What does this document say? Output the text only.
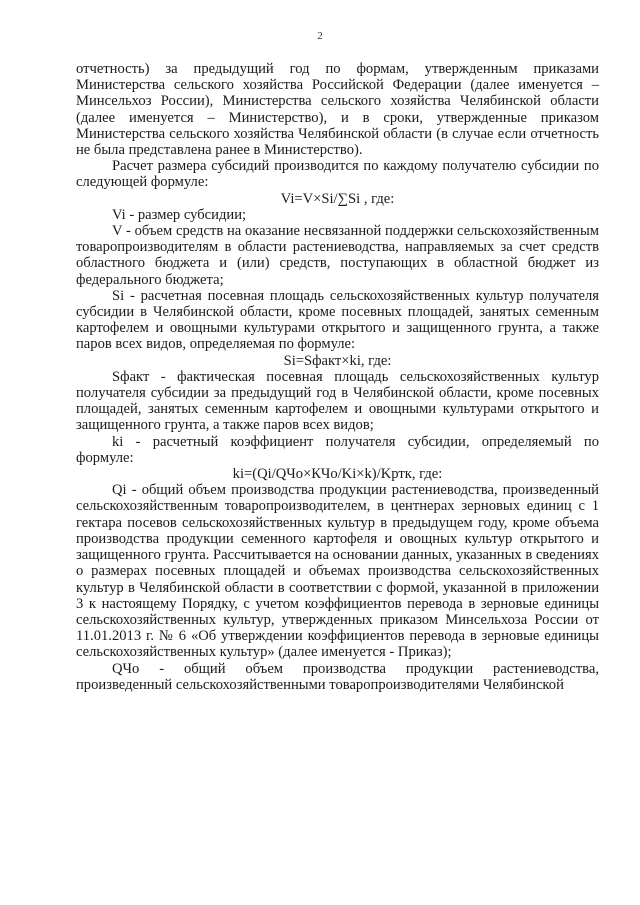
2

отчетность) за предыдущий год по формам, утвержденным приказами Министерства сельского хозяйства Российской Федерации (далее именуется – Минсельхоз России), Министерства сельского хозяйства Челябинской области (далее именуется – Министерство), и в сроки, утвержденные приказом Министерства сельского хозяйства Челябинской области (в случае если отчетность не была представлена ранее в Министерство).

Расчет размера субсидий производится по каждому получателю субсидии по следующей формуле:

Vi=V×Si/∑Si , где:

Vi - размер субсидии;

V - объем средств на оказание несвязанной поддержки сельскохозяйственным товаропроизводителям в области растениеводства, направляемых за счет средств областного бюджета и (или) средств, поступающих в областной бюджет из федерального бюджета;

Si - расчетная посевная площадь сельскохозяйственных культур получателя субсидии в Челябинской области, кроме посевных площадей, занятых семенным картофелем и овощными культурами открытого и защищенного грунта, а также паров всех видов, определяемая по формуле:

Si=Sфакт×ki, где:

Sфакт - фактическая посевная площадь сельскохозяйственных культур получателя субсидии за предыдущий год в Челябинской области, кроме посевных площадей, занятых семенным картофелем и овощными культурами открытого и защищенного грунта, а также паров всех видов;

ki - расчетный коэффициент получателя субсидии, определяемый по формуле:

ki=(Qi/QЧо×КЧо/Ki×k)/Kртк, где:

Qi - общий объем производства продукции растениеводства, произведенный сельскохозяйственным товаропроизводителем, в центнерах зерновых единиц с 1 гектара посевов сельскохозяйственных культур в предыдущем году, кроме объема производства продукции семенного картофеля и овощных культур открытого и защищенного грунта. Рассчитывается на основании данных, указанных в сведениях о размерах посевных площадей и объемах производства сельскохозяйственных культур в Челябинской области в соответствии с формой, указанной в приложении 3 к настоящему Порядку, с учетом коэффициентов перевода в зерновые единицы сельскохозяйственных культур, утвержденных приказом Минсельхоза России от 11.01.2013 г. № 6 «Об утверждении коэффициентов перевода в зерновые единицы сельскохозяйственных культур» (далее именуется - Приказ);

QЧо - общий объем производства продукции растениеводства, произведенный сельскохозяйственными товаропроизводителями Челябинской
